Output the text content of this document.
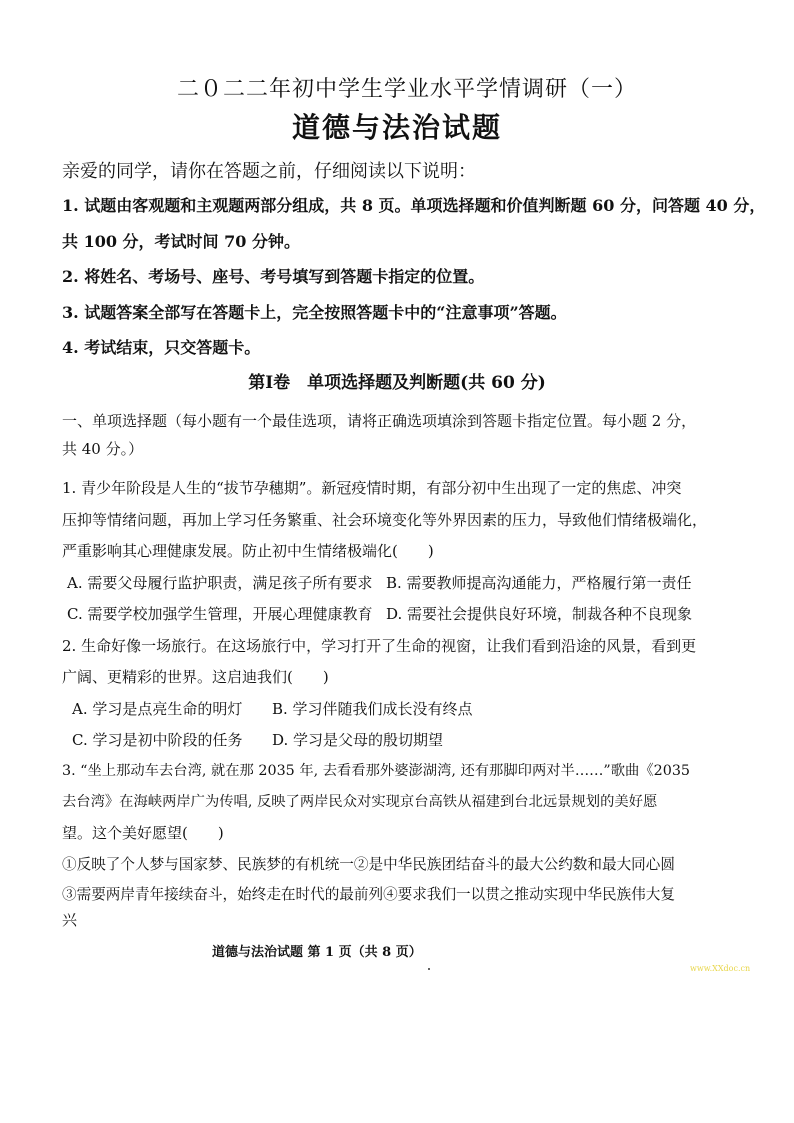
二０二二年初中学生学业水平学情调研（一）
道德与法治试题
亲爱的同学，请你在答题之前，仔细阅读以下说明：
1. 试题由客观题和主观题两部分组成，共 8 页。单项选择题和价值判断题 60 分，问答题 40 分，
共 100 分，考试时间 70 分钟。
2. 将姓名、考场号、座号、考号填写到答题卡指定的位置。
3. 试题答案全部写在答题卡上，完全按照答题卡中的“注意事项”答题。
4. 考试结束，只交答题卡。
第Ⅰ卷　单项选择题及判断题(共 60 分)
一、单项选择题（每小题有一个最佳选项，请将正确选项填涂到答题卡指定位置。每小题 2 分，
共 40 分。）
1. 青少年阶段是人生的“拔节孕穗期”。新冠疫情时期，有部分初中生出现了一定的焦虑、冲突
压抑等情绪问题，再加上学习任务繁重、社会环境变化等外界因素的压力，导致他们情绪极端化，
严重影响其心理健康发展。防止初中生情绪极端化(　　)
A. 需要父母履行监护职责，满足孩子所有要求 B. 需要教师提高沟通能力，严格履行第一责任
C. 需要学校加强学生管理，开展心理健康教育 D. 需要社会提供良好环境，制裁各种不良现象
2. 生命好像一场旅行。在这场旅行中，学习打开了生命的视窗，让我们看到沿途的风景，看到更
广阔、更精彩的世界。这启迪我们(　　)
A. 学习是点亮生命的明灯 B. 学习伴随我们成长没有终点
C. 学习是初中阶段的任务 D. 学习是父母的殷切期望
3. “坐上那动车去台湾, 就在那 2035 年, 去看看那外婆澎湖湾, 还有那脚印两对半……”歌曲《2035
去台湾》在海峡两岸广为传唱, 反映了两岸民众对实现京台高铁从福建到台北远景规划的美好愿
望。这个美好愿望(　　)
①反映了个人梦与国家梦、民族梦的有机统一②是中华民族团结奋斗的最大公约数和最大同心圆
③需要两岸青年接续奋斗，始终走在时代的最前列④要求我们一以贯之推动实现中华民族伟大复
兴
道德与法治试题 第 1 页（共 8 页）
www.XXdoc.cn
